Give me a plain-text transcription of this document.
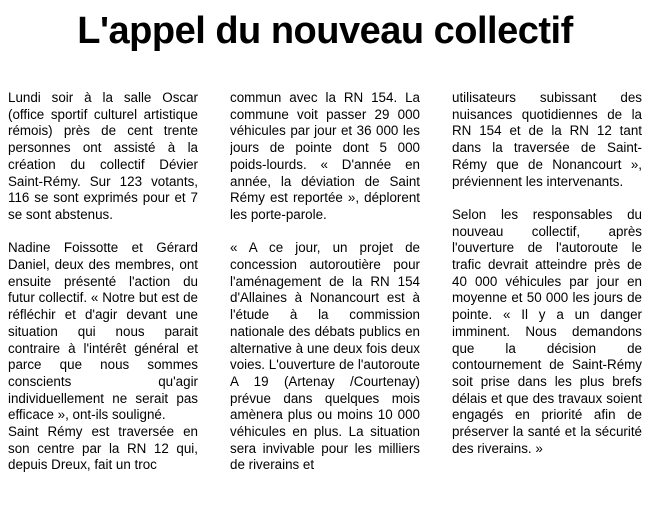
L'appel du nouveau collectif

Lundi soir à la salle Oscar (office sportif culturel artistique rémois) près de cent trente personnes ont assisté à la création du collectif Dévier Saint-Rémy. Sur 123 votants, 116 se sont exprimés pour et 7 se sont abstenus.

Nadine Foissotte et Gérard Daniel, deux des membres, ont ensuite présenté l'action du futur collectif. « Notre but est de réfléchir et d'agir devant une situation qui nous parait contraire à l'intérêt général et parce que nous sommes conscients qu'agir individuellement ne serait pas efficace », ont-ils souligné.

Saint Rémy est traversée en son centre par la RN 12 qui, depuis Dreux, fait un troc

commun avec la RN 154. La commune voit passer 29 000 véhicules par jour et 36 000 les jours de pointe dont 5 000 poids-lourds. « D'année en année, la déviation de Saint Rémy est reportée », déplorent les porte-parole.

« A ce jour, un projet de concession autoroutière pour l'aménagement de la RN 154 d'Allaines à Nonancourt est à l'étude à la commission nationale des débats publics en alternative à une deux fois deux voies. L'ouverture de l'autoroute A 19 (Artenay /Courtenay) prévue dans quelques mois amènera plus ou moins 10 000 véhicules en plus. La situation sera invivable pour les milliers de riverains et

utilisateurs subissant des nuisances quotidiennes de la RN 154 et de la RN 12 tant dans la traversée de Saint-Rémy que de Nonancourt », préviennent les intervenants.

Selon les responsables du nouveau collectif, après l'ouverture de l'autoroute le trafic devrait atteindre près de 40 000 véhicules par jour en moyenne et 50 000 les jours de pointe. « Il y a un danger imminent. Nous demandons que la décision de contournement de Saint-Rémy soit prise dans les plus brefs délais et que des travaux soient engagés en priorité afin de préserver la santé et la sécurité des riverains. »
